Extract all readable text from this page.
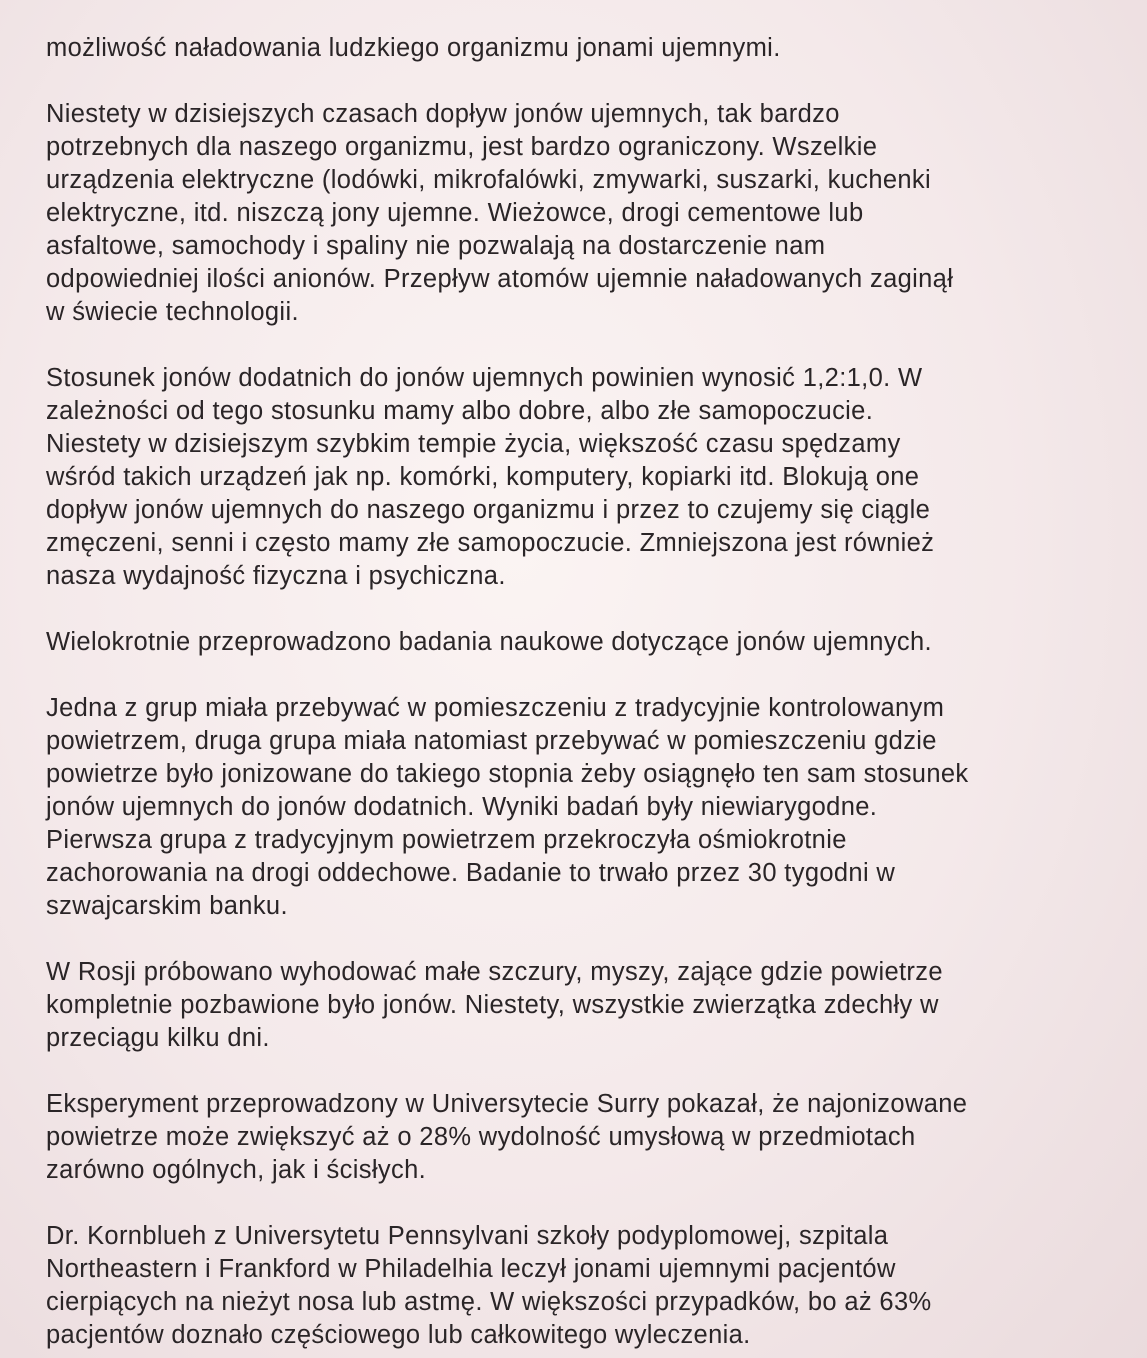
możliwość naładowania ludzkiego organizmu jonami ujemnymi.

Niestety w dzisiejszych czasach dopływ jonów ujemnych, tak bardzo
potrzebnych dla naszego organizmu, jest bardzo ograniczony. Wszelkie
urządzenia elektryczne (lodówki, mikrofalówki, zmywarki, suszarki, kuchenki
elektryczne, itd. niszczą jony ujemne. Wieżowce, drogi cementowe lub
asfaltowe, samochody i spaliny nie pozwalają na dostarczenie nam
odpowiedniej ilości anionów. Przepływ atomów ujemnie naładowanych zaginął
w świecie technologii.

Stosunek jonów dodatnich do jonów ujemnych powinien wynosić 1,2:1,0. W
zależności od tego stosunku mamy albo dobre, albo złe samopoczucie.
Niestety w dzisiejszym szybkim tempie życia, większość czasu spędzamy
wśród takich urządzeń jak np. komórki, komputery, kopiarki itd. Blokują one
dopływ jonów ujemnych do naszego organizmu i przez to czujemy się ciągle
zmęczeni, senni i często mamy złe samopoczucie. Zmniejszona jest również
nasza wydajność fizyczna i psychiczna.

Wielokrotnie przeprowadzono badania naukowe dotyczące jonów ujemnych.

Jedna z grup miała przebywać w pomieszczeniu z tradycyjnie kontrolowanym
powietrzem, druga grupa miała natomiast przebywać w pomieszczeniu gdzie
powietrze było jonizowane do takiego stopnia żeby osiągnęło ten sam stosunek
jonów ujemnych do jonów dodatnich. Wyniki badań były niewiarygodne.
Pierwsza grupa z tradycyjnym powietrzem przekroczyła ośmiokrotnie
zachorowania na drogi oddechowe. Badanie to trwało przez 30 tygodni w
szwajcarskim banku.

W Rosji próbowano wyhodować małe szczury, myszy, zające gdzie powietrze
kompletnie pozbawione było jonów. Niestety, wszystkie zwierzątka zdechły w
przeciągu kilku dni.

Eksperyment przeprowadzony w Universytecie Surry pokazał, że najonizowane
powietrze może zwiększyć aż o 28% wydolność umysłową w przedmiotach
zarówno ogólnych, jak i ścisłych.

Dr. Kornblueh z Universytetu Pennsylvani szkoły podyplomowej, szpitala
Northeastern i Frankford w Philadelhia leczył jonami ujemnymi pacjentów
cierpiących na nieżyt nosa lub astmę. W większości przypadków, bo aż 63%
pacjentów doznało częściowego lub całkowitego wyleczenia.
